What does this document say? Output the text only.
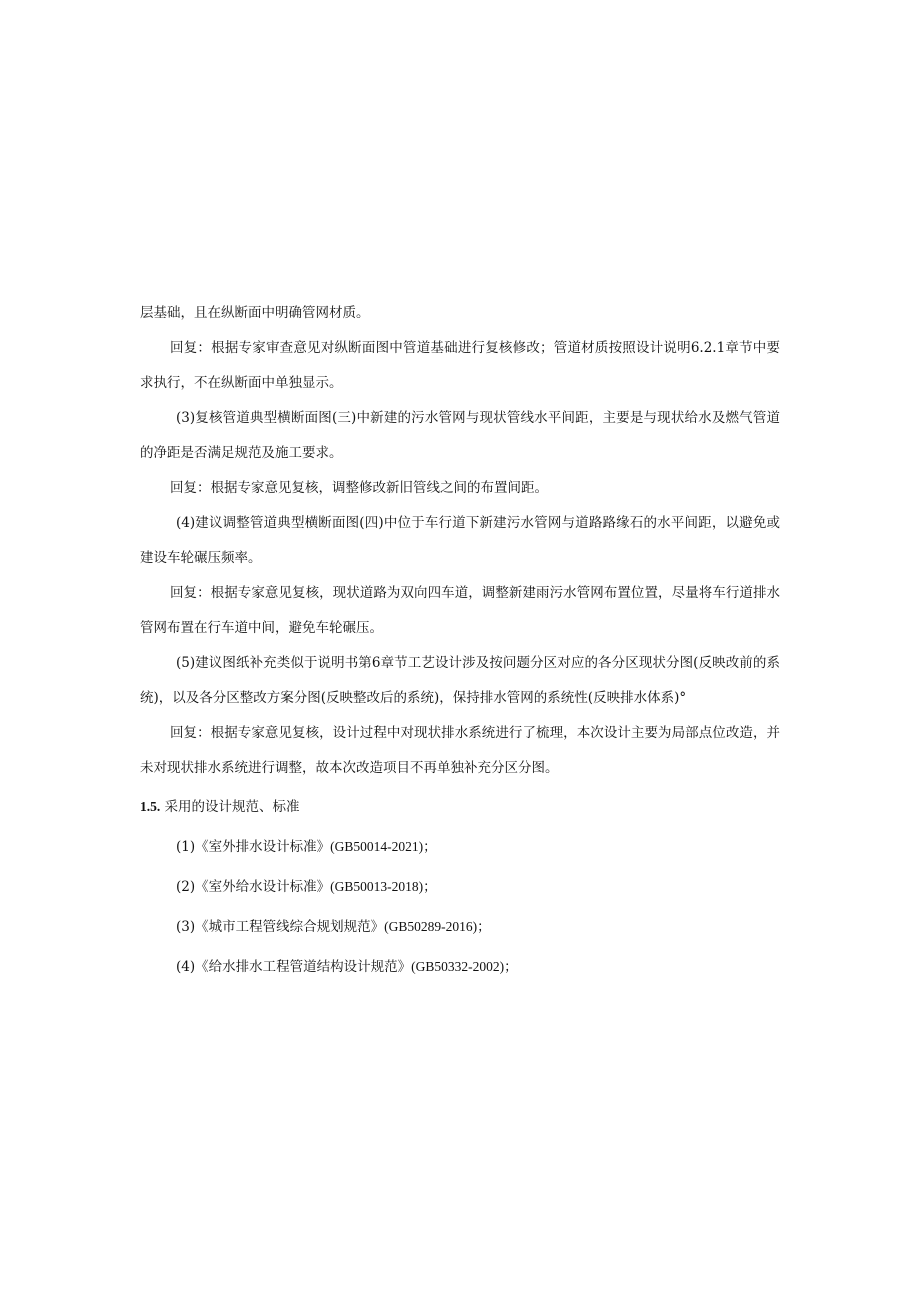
层基础，且在纵断面中明确管网材质。

回复：根据专家审查意见对纵断面图中管道基础进行复核修改；管道材质按照设计说明6.2.1章节中要求执行，不在纵断面中单独显示。

(3)复核管道典型横断面图(三)中新建的污水管网与现状管线水平间距，主要是与现状给水及燃气管道的净距是否满足规范及施工要求。

回复：根据专家意见复核，调整修改新旧管线之间的布置间距。

(4)建议调整管道典型横断面图(四)中位于车行道下新建污水管网与道路路缘石的水平间距，以避免或建设车轮碾压频率。

回复：根据专家意见复核，现状道路为双向四车道，调整新建雨污水管网布置位置，尽量将车行道排水管网布置在行车道中间，避免车轮碾压。

(5)建议图纸补充类似于说明书第6章节工艺设计涉及按问题分区对应的各分区现状分图(反映改前的系统)，以及各分区整改方案分图(反映整改后的系统)，保持排水管网的系统性(反映排水体系)°

回复：根据专家意见复核，设计过程中对现状排水系统进行了梳理，本次设计主要为局部点位改造，并未对现状排水系统进行调整，故本次改造项目不再单独补充分区分图。

1.5. 采用的设计规范、标准
(1)《室外排水设计标准》(GB50014-2021)；
(2)《室外给水设计标准》(GB50013-2018)；
(3)《城市工程管线综合规划规范》(GB50289-2016)；
(4)《给水排水工程管道结构设计规范》(GB50332-2002)；
